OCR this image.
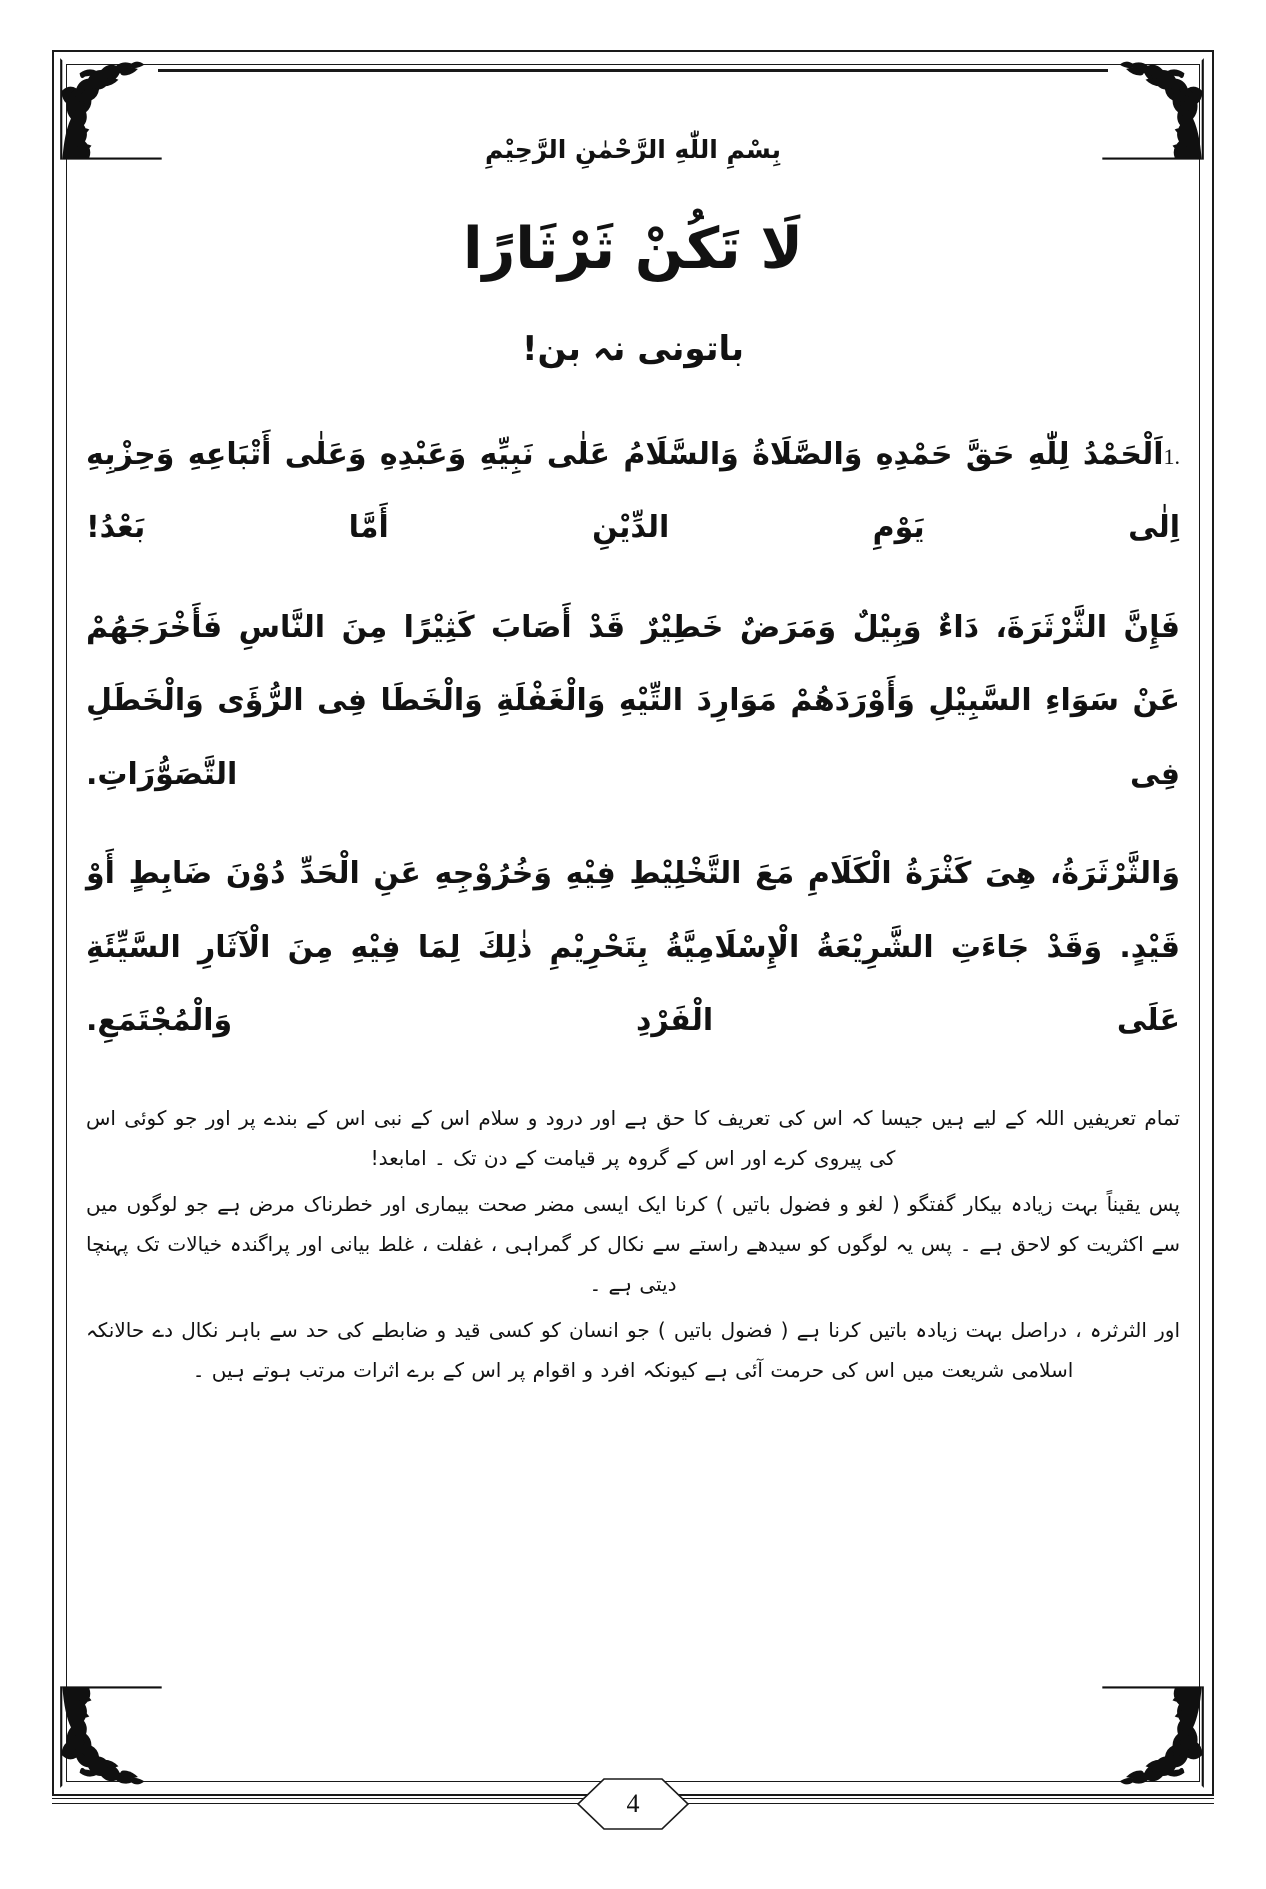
بِسْمِ اللّٰهِ الرَّحْمٰنِ الرَّحِيْمِ
لَا تَكُنْ ثَرْثَارًا
باتونی نہ بن!

1.اَلْحَمْدُ لِلّٰهِ حَقَّ حَمْدِهِ وَالصَّلَاةُ وَالسَّلَامُ عَلٰى نَبِيِّهِ وَعَبْدِهِ وَعَلٰى أَتْبَاعِهِ وَحِزْبِهِ اِلٰى يَوْمِ الدِّيْنِ أَمَّا بَعْدُ!

فَإِنَّ الثَّرْثَرَةَ، دَاءٌ وَبِيْلٌ وَمَرَضٌ خَطِيْرٌ قَدْ أَصَابَ كَثِيْرًا مِنَ النَّاسِ فَأَخْرَجَهُمْ عَنْ سَوَاءِ السَّبِيْلِ وَأَوْرَدَهُمْ مَوَارِدَ التِّيْهِ وَالْغَفْلَةِ وَالْخَطَا فِى الرُّؤَى وَالْخَطَلِ فِى التَّصَوُّرَاتِ.

وَالثَّرْثَرَةُ، هِىَ كَثْرَةُ الْكَلَامِ مَعَ التَّخْلِيْطِ فِيْهِ وَخُرُوْجِهِ عَنِ الْحَدِّ دُوْنَ ضَابِطٍ أَوْ قَيْدٍ. وَقَدْ جَاءَتِ الشَّرِيْعَةُ الْإِسْلَامِيَّةُ بِتَحْرِيْمِ ذٰلِكَ لِمَا فِيْهِ مِنَ الْآثَارِ السَّيِّئَةِ عَلَى الْفَرْدِ وَالْمُجْتَمَعِ.

تمام تعریفیں اللہ کے لیے ہیں جیسا کہ اس کی تعریف کا حق ہے اور درود و سلام اس کے نبی اس کے بندے پر اور جو کوئی اس کی پیروی کرے اور اس کے گروہ پر قیامت کے دن تک ۔ امابعد!

پس یقیناً بہت زیادہ بیکار گفتگو ( لغو و فضول باتیں ) کرنا ایک ایسی مضر صحت بیماری اور خطرناک مرض ہے جو لوگوں میں سے اکثریت کو لاحق ہے ۔ پس یہ لوگوں کو سیدھے راستے سے نکال کر گمراہی ، غفلت ، غلط بیانی اور پراگندہ خیالات تک پہنچا دیتی ہے ۔

اور الثرثرہ ، دراصل بہت زیادہ باتیں کرنا ہے ( فضول باتیں ) جو انسان کو کسی قید و ضابطے کی حد سے باہر نکال دے حالانکہ اسلامی شریعت میں اس کی حرمت آئی ہے کیونکہ افرد و اقوام پر اس کے برے اثرات مرتب ہوتے ہیں ۔

4
